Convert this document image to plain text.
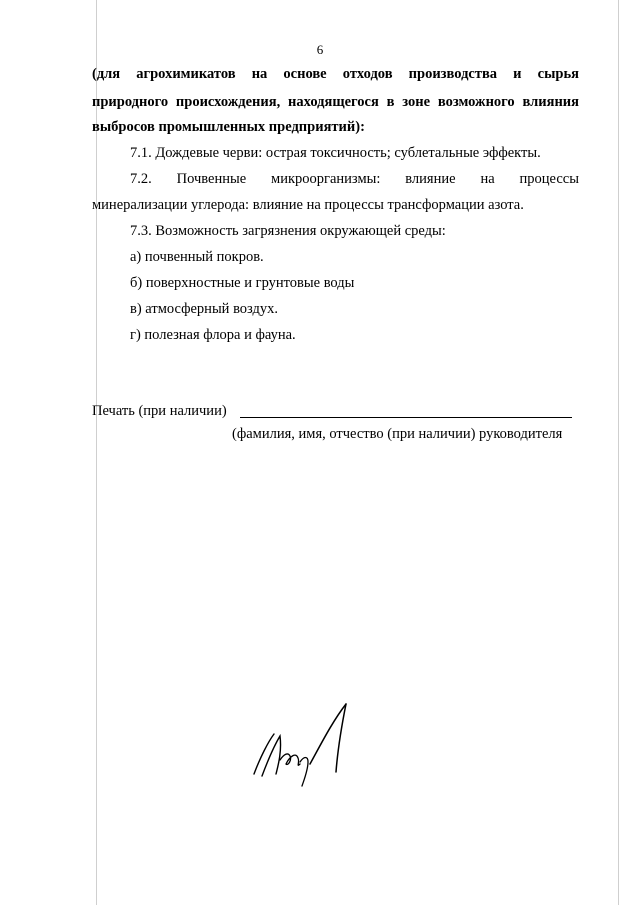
6
(для агрохимикатов на основе отходов производства и сырья
природного происхождения, находящегося в зоне возможного влияния
выбросов промышленных предприятий):
7.1. Дождевые черви: острая токсичность; сублетальные эффекты.
7.2. Почвенные микроорганизмы: влияние на процессы
минерализации углерода: влияние на процессы трансформации азота.
7.3. Возможность загрязнения окружающей среды:
а) почвенный покров.
б) поверхностные и грунтовые воды
в) атмосферный воздух.
г) полезная флора и фауна.
Печать (при наличии)
(фамилия, имя, отчество (при наличии) руководителя
